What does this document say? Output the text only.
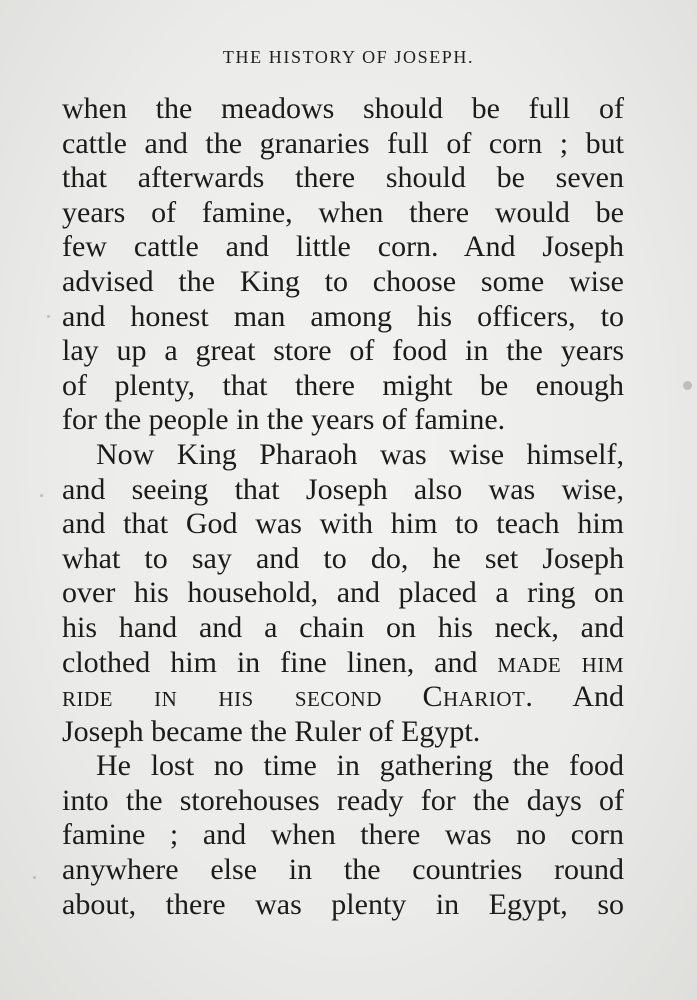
THE HISTORY OF JOSEPH.
when the meadows should be full of
cattle and the granaries full of corn ; but
that afterwards there should be seven
years of famine, when there would be
few cattle and little corn. And Joseph
advised the King to choose some wise
and honest man among his officers, to
lay up a great store of food in the years
of plenty, that there might be enough
for the people in the years of famine.
Now King Pharaoh was wise himself,
and seeing that Joseph also was wise,
and that God was with him to teach him
what to say and to do, he set Joseph
over his household, and placed a ring on
his hand and a chain on his neck, and
clothed him in fine linen, and made him
ride in his second Chariot. And
Joseph became the Ruler of Egypt.
He lost no time in gathering the food
into the storehouses ready for the days of
famine ; and when there was no corn
anywhere else in the countries round
about, there was plenty in Egypt, so
